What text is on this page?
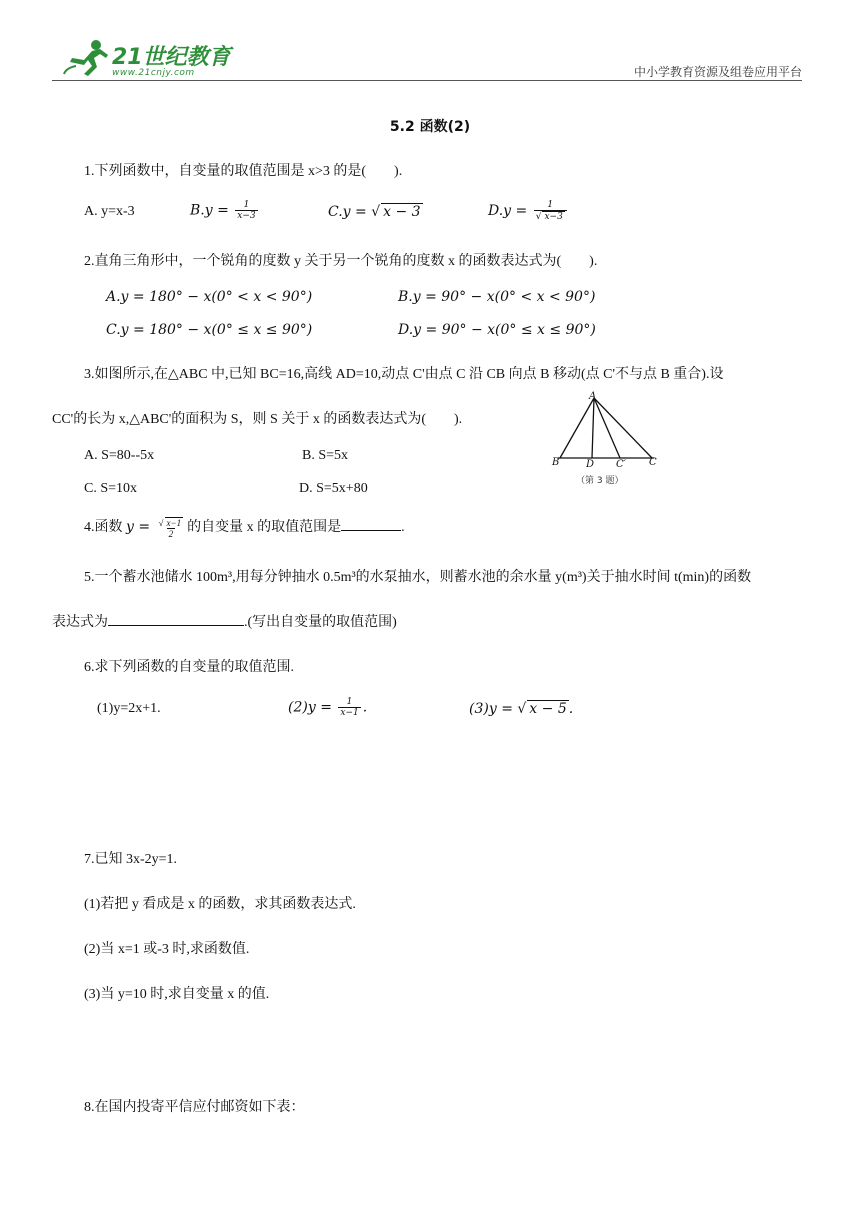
21世纪教育
www.21cnjy.com	中小学教育资源及组卷应用平台
5.2 函数(2)
1.下列函数中，自变量的取值范围是 x>3 的是(　　).
A. y=x-3	$B.y = \frac{1}{x-3}$	C.y = √ x − 3	$D.y = \frac{1}{√ x-3}$
2.直角三角形中，一个锐角的度数 y 关于另一个锐角的度数 x 的函数表达式为(　　).
A.y = 180° − x(0° < x < 90°)	B.y = 90° − x(0° < x < 90°)
C.y = 180° − x(0° ≤ x ≤ 90°)	D.y = 90° − x(0° ≤ x ≤ 90°)
3.如图所示,在△ABC 中,已知 BC=16,高线 AD=10,动点 C'由点 C 沿 CB 向点 B 移动(点 C'不与点 B 重合).设
CC'的长为 x,△ABC'的面积为 S，则 S 关于 x 的函数表达式为(　　).
A. S=80--5x	B. S=5x
C. S=10x	D. S=5x+80
A
B	D C′ C
（第 3 题）
4.函数 $y = \frac{√ x-1}{2}$ 的自变量 x 的取值范围是	.
5.一个蓄水池储水 100m³,用每分钟抽水 0.5m³的水泵抽水，则蓄水池的余水量 y(m³)关于抽水时间 t(min)的函数
表达式为	.(写出自变量的取值范围)
6.求下列函数的自变量的取值范围.
(1)y=2x+1.	$(2)y = \frac{1}{x-1}$ .	(3)y = √ x − 5 .
7.已知 3x-2y=1.
(1)若把 y 看成是 x 的函数，求其函数表达式.
(2)当 x=1 或-3 时,求函数值.
(3)当 y=10 时,求自变量 x 的值.
8.在国内投寄平信应付邮资如下表：
